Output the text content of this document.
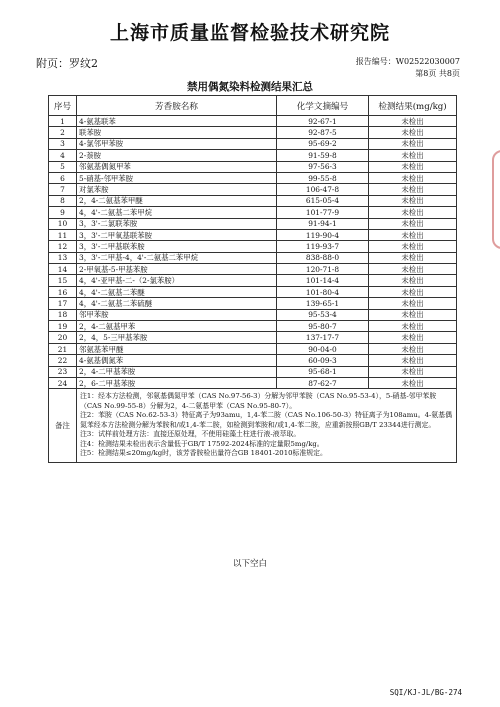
上海市质量监督检验技术研究院
附页：罗纹2	报告编号：W02522030007
第8页 共8页
禁用偶氮染料检测结果汇总
序号	芳香胺名称	化学文摘编号	检测结果(mg/kg)
1	4-氨基联苯	92-67-1	未检出
2	联苯胺	92-87-5	未检出
3	4-氯邻甲苯胺	95-69-2	未检出
4	2-萘胺	91-59-8	未检出
5	邻氨基偶氮甲苯	97-56-3	未检出
6	5-硝基-邻甲苯胺	99-55-8	未检出
7	对氯苯胺	106-47-8	未检出
8	2，4-二氨基苯甲醚	615-05-4	未检出
9	4，4'-二氨基二苯甲烷	101-77-9	未检出
10	3，3'-二氯联苯胺	91-94-1	未检出
11	3，3'-二甲氧基联苯胺	119-90-4	未检出
12	3，3'-二甲基联苯胺	119-93-7	未检出
13	3，3'-二甲基-4，4'-二氨基二苯甲烷	838-88-0	未检出
14	2-甲氧基-5-甲基苯胺	120-71-8	未检出
15	4，4'-亚甲基-二-（2-氯苯胺）	101-14-4	未检出
16	4，4'-二氨基二苯醚	101-80-4	未检出
17	4，4'-二氨基二苯硫醚	139-65-1	未检出
18	邻甲苯胺	95-53-4	未检出
19	2，4-二氨基甲苯	95-80-7	未检出
20	2，4，5-三甲基苯胺	137-17-7	未检出
21	邻氨基苯甲醚	90-04-0	未检出
22	4-氨基偶氮苯	60-09-3	未检出
23	2，4-二甲基苯胺	95-68-1	未检出
24	2，6-二甲基苯胺	87-62-7	未检出
备注	注1：经本方法检测，邻氨基偶氮甲苯（CAS No.97-56-3）分解为邻甲苯胺（CAS No.95-53-4），5-硝基-邻甲苯胺（CAS No.99-55-8）分解为2，4-二氨基甲苯（CAS No.95-80-7）。

注2：苯胺（CAS No.62-53-3）特征离子为93amu，1,4-苯二胺（CAS No.106-50-3）特征离子为108amu。4-氨基偶氮苯经本方法检测分解为苯胺和/或1,4-苯二胺，如检测到苯胺和/或1,4-苯二胺，应重新按照GB/T 23344进行测定。

注3：试样前处理方法：直接还原处理，不使用硅藻土柱进行液-液萃取。

注4：检测结果未检出表示含量低于GB/T 17592-2024标准的定量限5mg/kg。

注5：检测结果≤20mg/kg时，该芳香胺检出量符合GB 18401-2010标准规定。		

以下空白
SQI/KJ-JL/BG-274
